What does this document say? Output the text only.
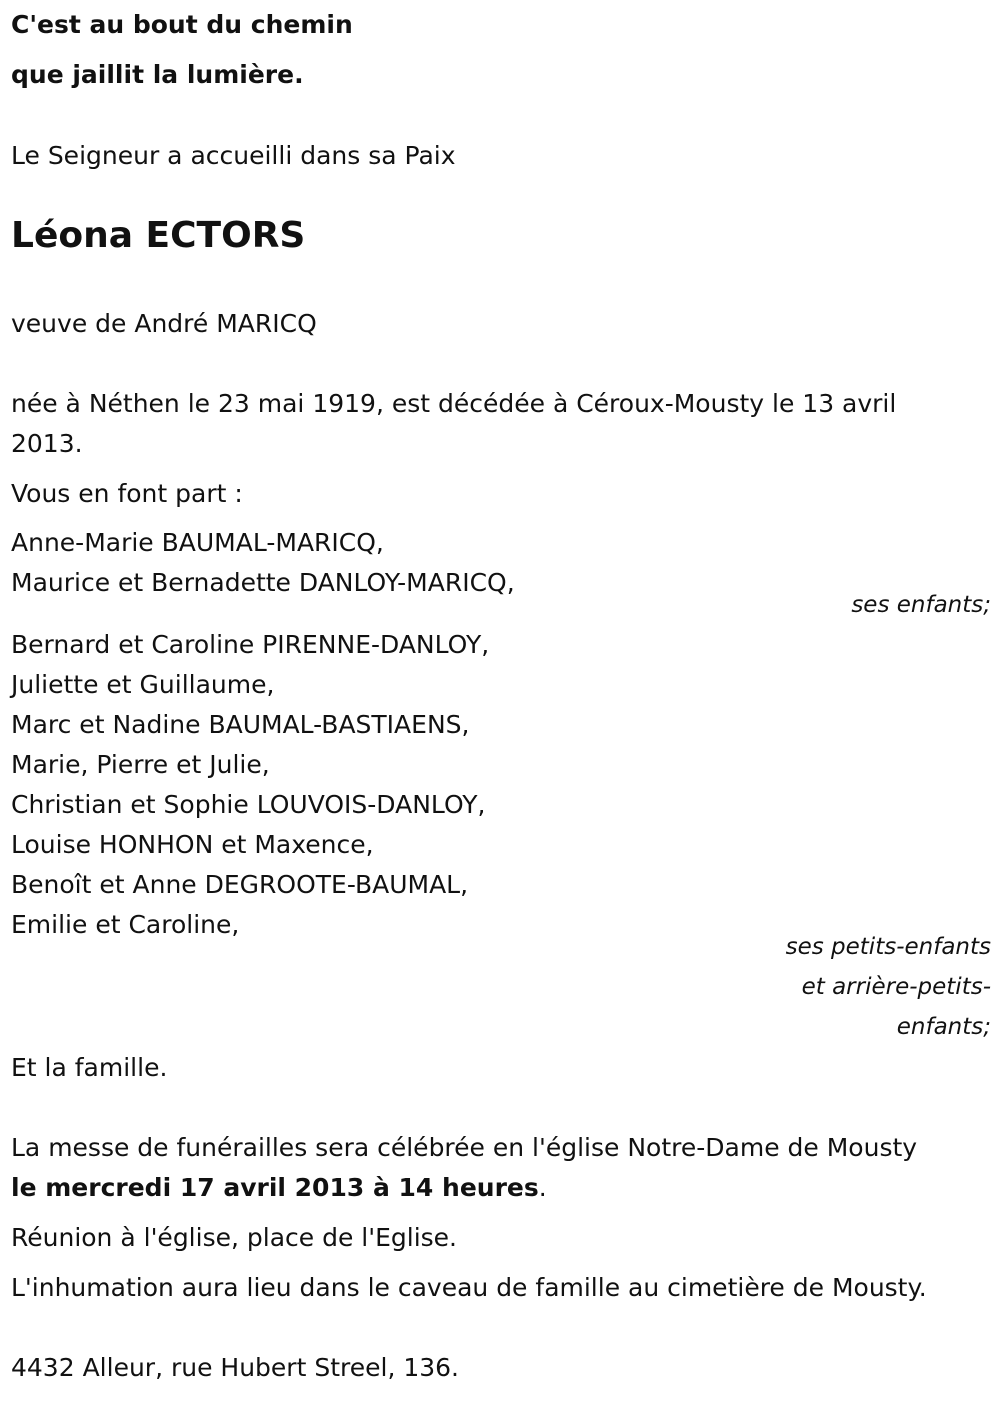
C'est au bout du chemin
que jaillit la lumière.
Le Seigneur a accueilli dans sa Paix
Léona ECTORS
veuve de André MARICQ
née à Néthen le 23 mai 1919, est décédée à Céroux-Mousty le 13 avril
2013.
Vous en font part :
Anne-Marie BAUMAL-MARICQ,
Maurice et Bernadette DANLOY-MARICQ,
ses enfants;
Bernard et Caroline PIRENNE-DANLOY,
Juliette et Guillaume,
Marc et Nadine BAUMAL-BASTIAENS,
Marie, Pierre et Julie,
Christian et Sophie LOUVOIS-DANLOY,
Louise HONHON et Maxence,
Benoît et Anne DEGROOTE-BAUMAL,
Emilie et Caroline,
ses petits-enfants
et arrière-petits-
enfants;
Et la famille.
La messe de funérailles sera célébrée en l'église Notre-Dame de Mousty
le mercredi 17 avril 2013 à 14 heures.
Réunion à l'église, place de l'Eglise.
L'inhumation aura lieu dans le caveau de famille au cimetière de Mousty.
4432 Alleur, rue Hubert Streel, 136.
